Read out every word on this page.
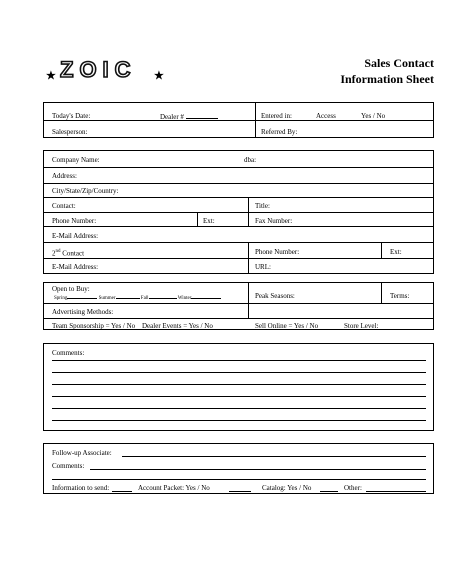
★ ZOIC ★
Sales Contact
Information Sheet
Today's Date:	Dealer #	Entered in:	Access	Yes / No
Salesperson:	Referred By:
Company Name:	dba:
Address:
City/State/Zip/Country:
Contact:	Title:
Phone Number:	Ext:	Fax Number:
E-Mail Address:
2nd Contact	Phone Number:	Ext:
E-Mail Address:	URL:
Open to Buy:
Spring	Summer	Fall	Winter	Peak Seasons:	Terms:
Advertising Methods:
Team Sponsorship = Yes / No Dealer Events = Yes / No	Sell Online = Yes / No	Store Level:
Comments:
Follow-up Associate:
Comments:
Information to send:	Account Packet: Yes / No	Catalog: Yes / No	Other:
